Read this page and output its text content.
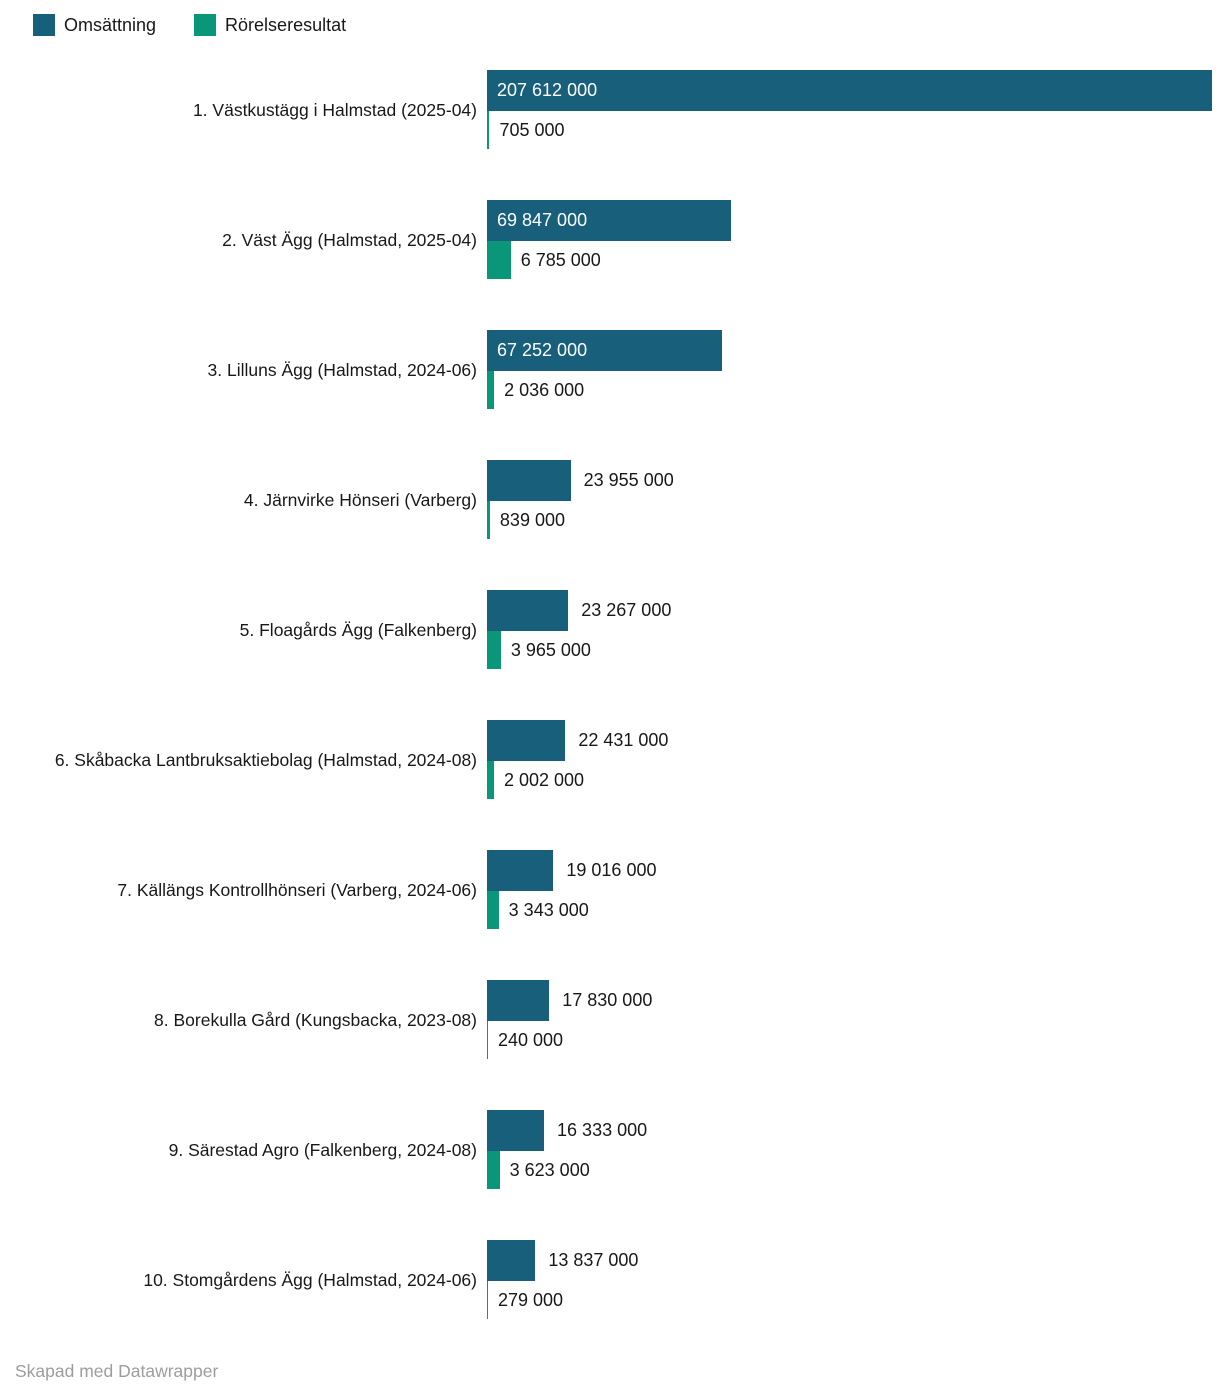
Omsättning	Rörelseresultat
1. Västkustägg i Halmstad (2025-04)
207 612 000
705 000
2. Väst Ägg (Halmstad, 2025-04)
69 847 000
6 785 000
3. Lilluns Ägg (Halmstad, 2024-06)
67 252 000
2 036 000
4. Järnvirke Hönseri (Varberg)
23 955 000
839 000
5. Floagårds Ägg (Falkenberg)
23 267 000
3 965 000
6. Skåbacka Lantbruksaktiebolag (Halmstad, 2024-08)
22 431 000
2 002 000
7. Källängs Kontrollhönseri (Varberg, 2024-06)
19 016 000
3 343 000
8. Borekulla Gård (Kungsbacka, 2023-08)
17 830 000
240 000
9. Särestad Agro (Falkenberg, 2024-08)
16 333 000
3 623 000
10. Stomgårdens Ägg (Halmstad, 2024-06)
13 837 000
279 000
Skapad med Datawrapper
